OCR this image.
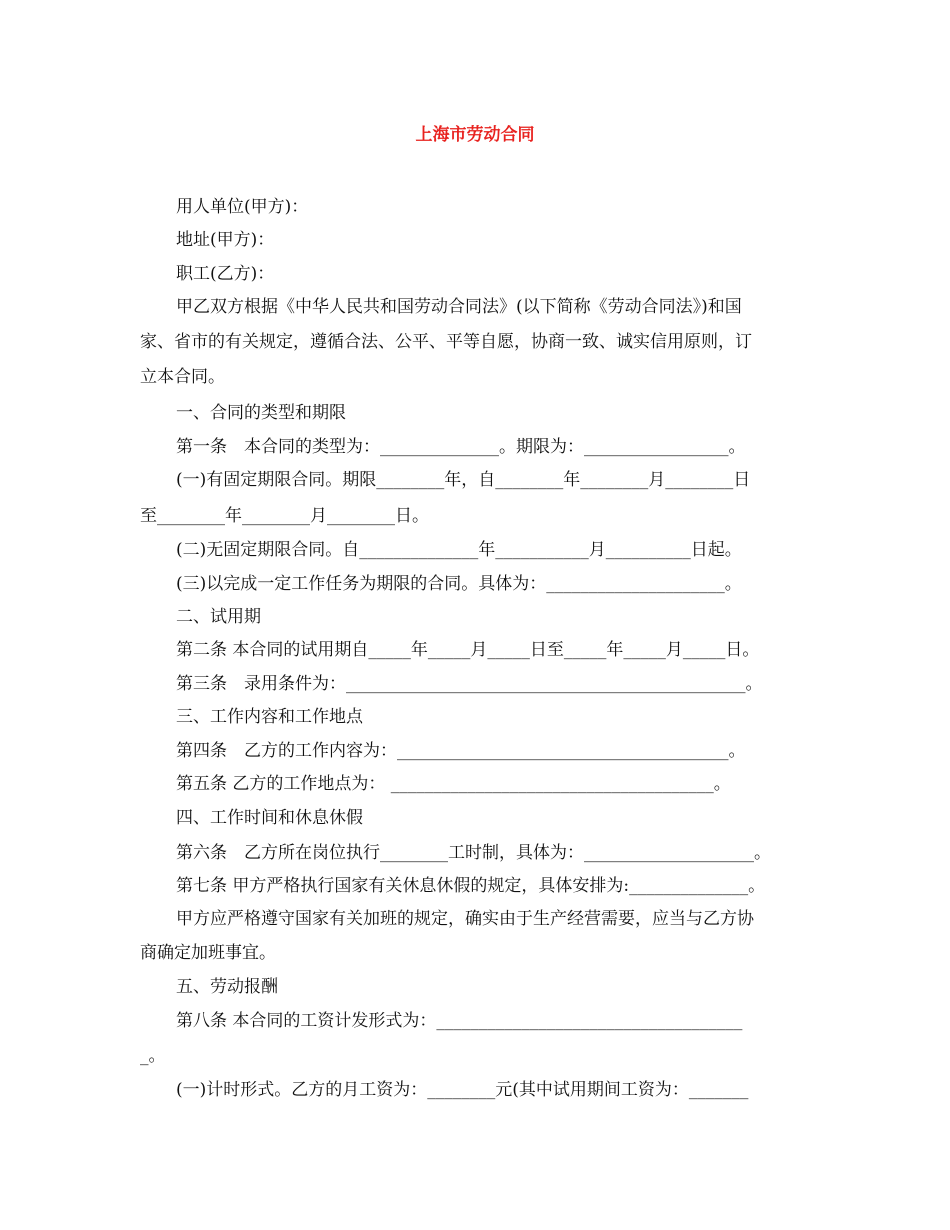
上海市劳动合同
用人单位(甲方)：
地址(甲方)：
职工(乙方)：
甲乙双方根据《中华人民共和国劳动合同法》(以下简称《劳动合同法》)和国
家、省市的有关规定，遵循合法、公平、平等自愿，协商一致、诚实信用原则，订
立本合同。
一、合同的类型和期限
第一条　本合同的类型为：______________。期限为：_________________。
(一)有固定期限合同。期限________年，自________年________月________日
至________年________月________日。
(二)无固定期限合同。自______________年___________月__________日起。
(三)以完成一定工作任务为期限的合同。具体为：_____________________。
二、试用期
第二条 本合同的试用期自_____年_____月_____日至_____年_____月_____日。
第三条　录用条件为：_______________________________________________。
三、工作内容和工作地点
第四条　乙方的工作内容为：_______________________________________。
第五条 乙方的工作地点为： ______________________________________。
四、工作时间和休息休假
第六条　乙方所在岗位执行________工时制，具体为：____________________。
第七条 甲方严格执行国家有关休息休假的规定，具体安排为:______________。
甲方应严格遵守国家有关加班的规定，确实由于生产经营需要，应当与乙方协
商确定加班事宜。
五、劳动报酬
第八条 本合同的工资计发形式为：____________________________________
_。
(一)计时形式。乙方的月工资为：________元(其中试用期间工资为：_______
